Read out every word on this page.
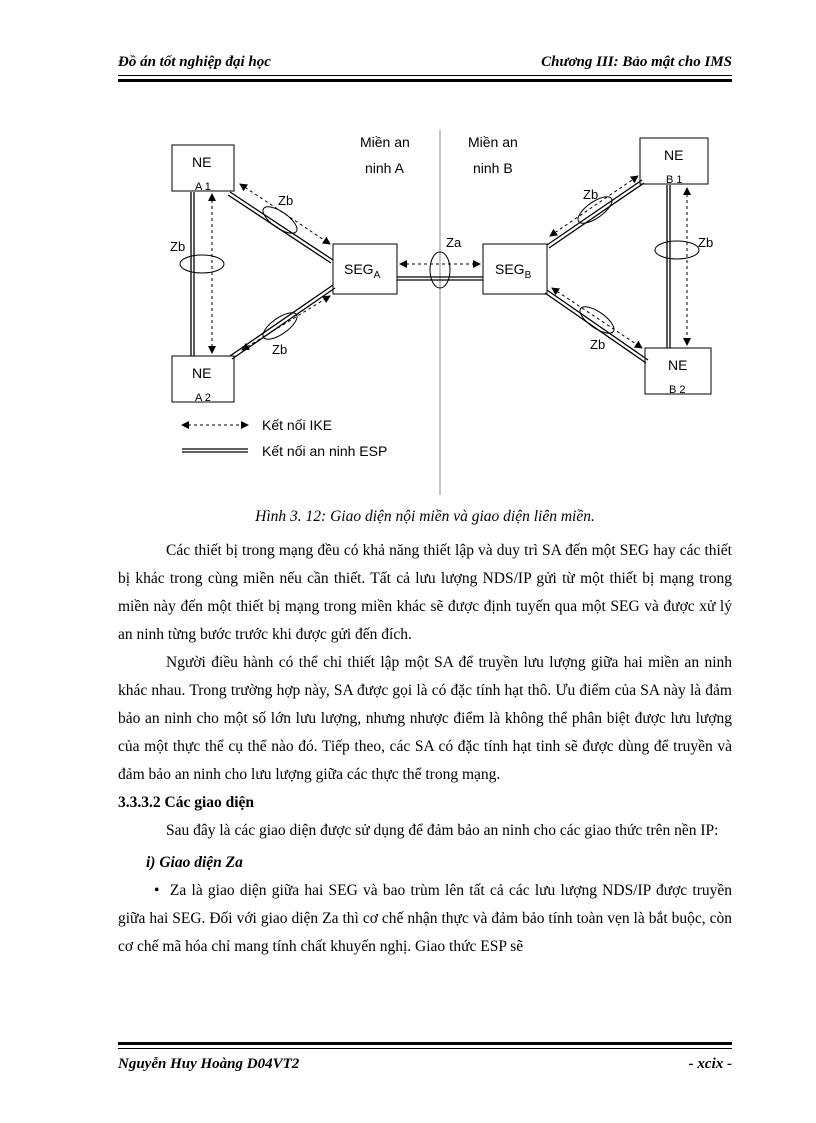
Đồ án tốt nghiệp đại học	Chương III: Bảo mật cho IMS
Miền an
ninh A
Miền an
ninh B
NE
A 1
NE
A 2
NE
B 1
NE
B 2
$SEG_A$	$SEG_B$
Zb	Zb
Zb
Zb
Zb
Zb
Za
Kết nối IKE
Kết nối an ninh ESP
Hình 3. 12: Giao diện nội miền và giao diện liên miền.

Các thiết bị trong mạng đều có khả năng thiết lập và duy trì SA đến một SEG hay các thiết bị khác trong cùng miền nếu cần thiết. Tất cả lưu lượng NDS/IP gửi từ một thiết bị mạng trong miền này đến một thiết bị mạng trong miền khác sẽ được định tuyến qua một SEG và được xử lý an ninh từng bước trước khi được gửi đến đích.

Người điều hành có thể chỉ thiết lập một SA để truyền lưu lượng giữa hai miền an ninh khác nhau. Trong trường hợp này, SA được gọi là có đặc tính hạt thô. Ưu điểm của SA này là đảm bảo an ninh cho một số lớn lưu lượng, nhưng nhược điểm là không thể phân biệt được lưu lượng của một thực thể cụ thể nào đó. Tiếp theo, các SA có đặc tính hạt tinh sẽ được dùng để truyền và đảm bảo an ninh cho lưu lượng giữa các thực thể trong mạng.

3.3.3.2 Các giao diện

Sau đây là các giao diện được sử dụng để đảm bảo an ninh cho các giao thức trên nền IP:

i) Giao diện Za

• Za là giao diện giữa hai SEG và bao trùm lên tất cả các lưu lượng NDS/IP được truyền giữa hai SEG. Đối với giao diện Za thì cơ chế nhận thực và đảm bảo tính toàn vẹn là bắt buộc, còn cơ chế mã hóa chỉ mang tính chất khuyến nghị. Giao thức ESP sẽ

Nguyễn Huy Hoàng D04VT2	- xcix -
